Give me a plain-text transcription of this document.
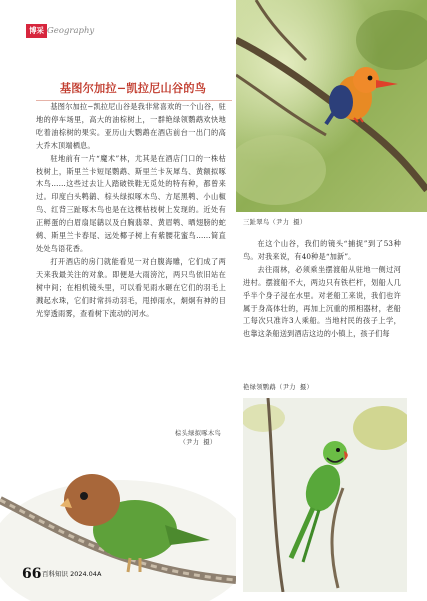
博采 Geography
基图尔加拉−凯拉尼山谷的鸟

基图尔加拉−凯拉尼山谷是我非常喜欢的一个山谷，驻地的停车场里，高大的油棕树上，一群艳绿领鹦鹉欢快地吃着油棕树的果实。亚历山大鹦鹉在酒店前台一出门的高大乔木顶端栖息。

驻地前有一片“魔术”林，尤其是在酒店门口的一株枯枝树上，斯里兰卡短尾鹦鹉、斯里兰卡灰犀鸟、黄额拟啄木鸟……这些过去让人踏破铁鞋无觅处的特有种，都曾来过。印度白头鹎鹟、棕头绿拟啄木鸟、方尾黑鹎、小山椒鸟、红背三趾啄木鸟也是在这棵枯枝树上发现的。近处有正孵蛋的白眉扇尾鹟以及白胸翡翠、黄眉鹎、晒翅膀的蛇鹈、斯里兰卡春尾、远处椰子树上有紫腰花蜜鸟……简直处处鸟语花香。

打开酒店的房门就能看见一对白腹海雕，它们成了两天来我最关注的对象。即便是大雨滂沱，两只鸟依旧站在树中间；在相机镜头里，可以看见雨水砸在它们的羽毛上溅起水珠，它们时常抖动羽毛，甩掉雨水，炯炯有神的目光穿透雨雾，查看树下流动的河水。

三趾翠鸟（尹力 摄）

在这个山谷，我们的镜头“捕捉”到了53种鸟。对我来说，有40种是“加新”。

去往雨林，必须乘坐摆渡船从驻地一侧过河进村。摆渡船不大，两边只有铁栏杆，划船人几乎半个身子浸在水里。对老船工来说，我们也许属于身高体壮的，再加上沉重的照相器材，老船工每次只准许3人乘船。当地村民的孩子上学，也靠这条船送到酒店这边的小镇上，孩子们每

艳绿领鹦鹉（尹力 摄）
棕头绿拟啄木鸟
（尹力 摄）
66 百科知识 2024.04A
